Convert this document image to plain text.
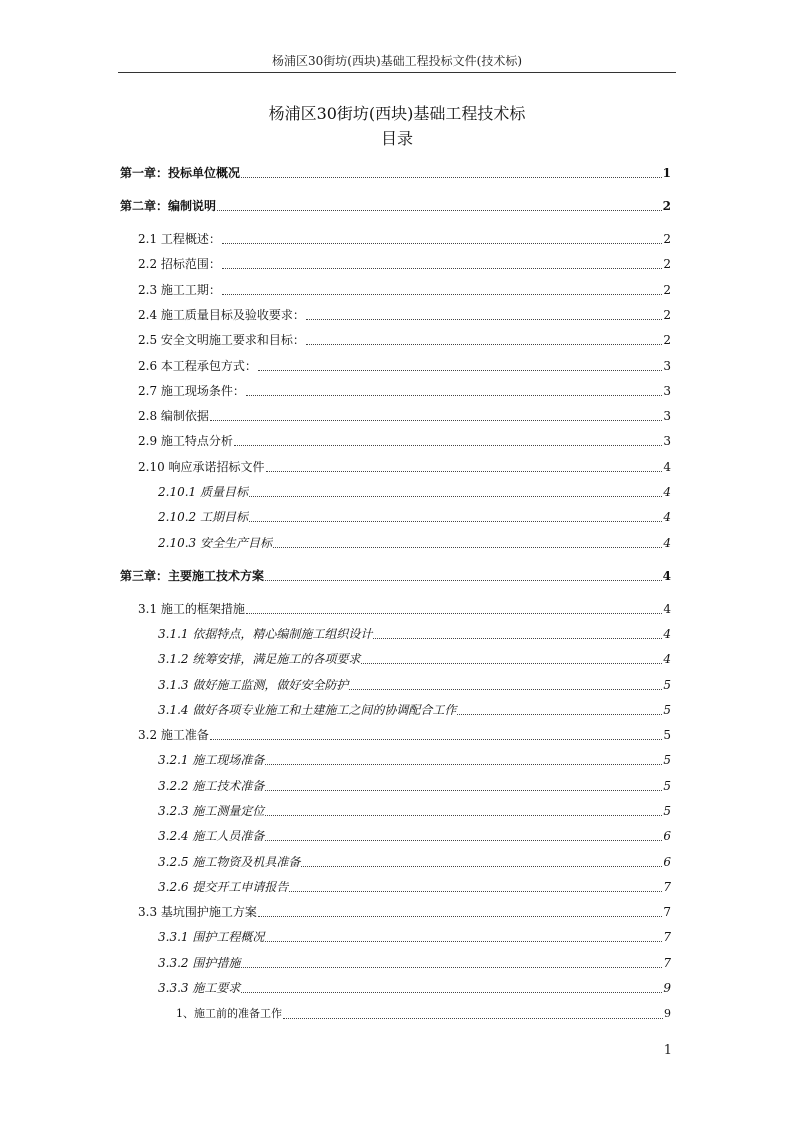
杨浦区30街坊(西块)基础工程投标文件(技术标)
杨浦区30街坊(西块)基础工程技术标
目录
第一章：投标单位概况	1
第二章：编制说明	2
2.1 工程概述：	2
2.2 招标范围：	2
2.3 施工工期：	2
2.4 施工质量目标及验收要求：	2
2.5 安全文明施工要求和目标：	2
2.6 本工程承包方式：	3
2.7 施工现场条件：	3
2.8 编制依据	3
2.9 施工特点分析	3
2.10 响应承诺招标文件	4
2.10.1 质量目标	4
2.10.2 工期目标	4
2.10.3 安全生产目标	4
第三章：主要施工技术方案	4
3.1 施工的框架措施	4
3.1.1 依据特点，精心编制施工组织设计	4
3.1.2 统筹安排，满足施工的各项要求	4
3.1.3 做好施工监测，做好安全防护	5
3.1.4 做好各项专业施工和土建施工之间的协调配合工作	5
3.2 施工准备	5
3.2.1 施工现场准备	5
3.2.2 施工技术准备	5
3.2.3 施工测量定位	5
3.2.4 施工人员准备	6
3.2.5 施工物资及机具准备	6
3.2.6 提交开工申请报告	7
3.3 基坑围护施工方案	7
3.3.1 围护工程概况	7
3.3.2 围护措施	7
3.3.3 施工要求	9
1、施工前的准备工作	9
1
